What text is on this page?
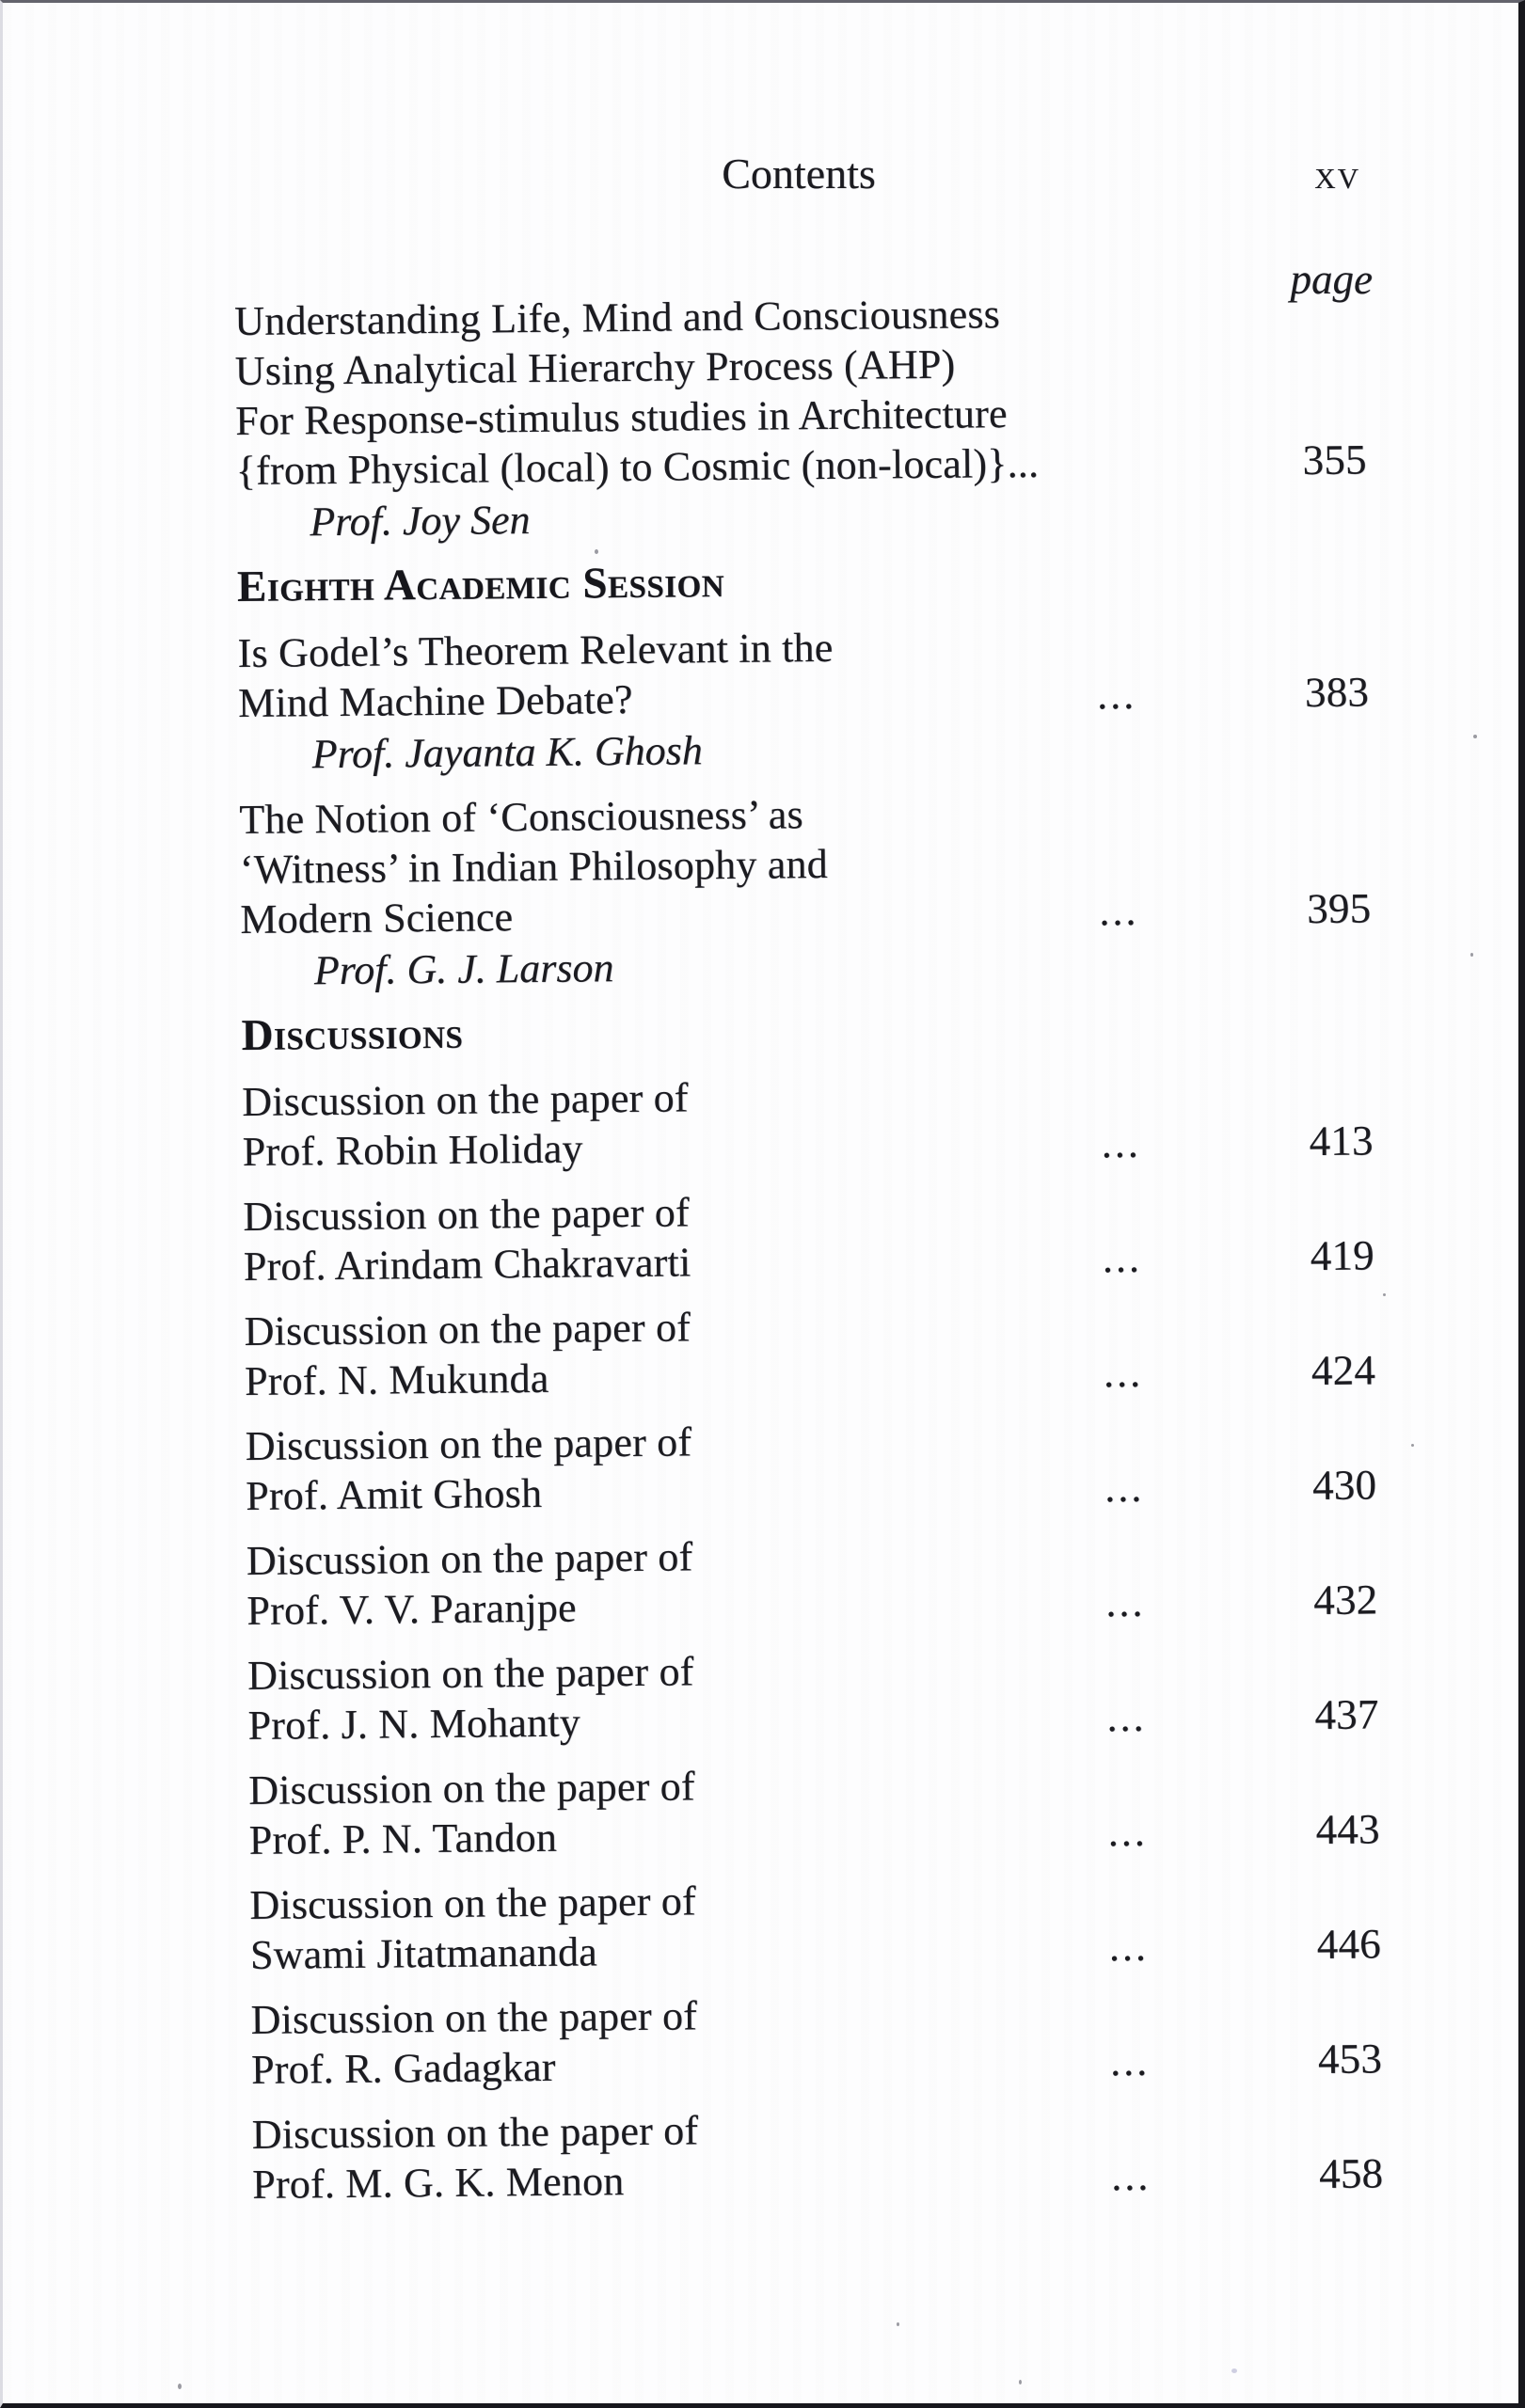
Contents	xv
page
Understanding Life, Mind and Consciousness
Using Analytical Hierarchy Process (AHP)
For Response-stimulus studies in Architecture
{from Physical (local) to Cosmic (non-local)}...	355
Prof. Joy Sen
Eighth Academic Session
Is Godel’s Theorem Relevant in the
Mind Machine Debate?	...	383
Prof. Jayanta K. Ghosh
The Notion of ‘Consciousness’ as
‘Witness’ in Indian Philosophy and
Modern Science	...	395
Prof. G. J. Larson
Discussions
Discussion on the paper of
Prof. Robin Holiday	...	413
Discussion on the paper of
Prof. Arindam Chakravarti	...	419
Discussion on the paper of
Prof. N. Mukunda	...	424
Discussion on the paper of
Prof. Amit Ghosh	...	430
Discussion on the paper of
Prof. V. V. Paranjpe	...	432
Discussion on the paper of
Prof. J. N. Mohanty	...	437
Discussion on the paper of
Prof. P. N. Tandon	...	443
Discussion on the paper of
Swami Jitatmananda	...	446
Discussion on the paper of
Prof. R. Gadagkar	...	453
Discussion on the paper of
Prof. M. G. K. Menon	...	458
